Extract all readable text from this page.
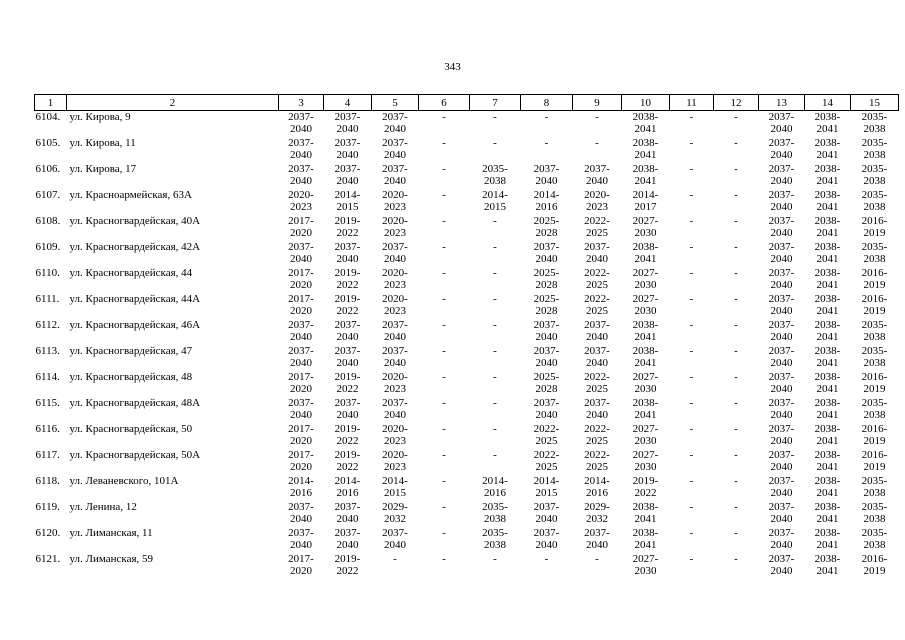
343
1	2	3	4	5	6	7	8	9	10	11	12	13	14	15
6104.	ул. Кирова, 9	2037-
2040	2037-
2040	2037-
2040	-	-	-	-	2038-
2041	-	-	2037-
2040	2038-
2041	2035-
2038

6105.	ул. Кирова, 11	2037-
2040	2037-
2040	2037-
2040	-	-	-	-	2038-
2041	-	-	2037-
2040	2038-
2041	2035-
2038

6106.	ул. Кирова, 17	2037-
2040	2037-
2040	2037-
2040	-	2035-
2038	2037-
2040	2037-
2040	2038-
2041	-	-	2037-
2040	2038-
2041	2035-
2038

6107.	ул. Красноармейская, 63А	2020-
2023	2014-
2015	2020-
2023	-	2014-
2015	2014-
2016	2020-
2023	2014-
2017	-	-	2037-
2040	2038-
2041	2035-
2038

6108.	ул. Красногвардейская, 40А	2017-
2020	2019-
2022	2020-
2023	-	-	2025-
2028	2022-
2025	2027-
2030	-	-	2037-
2040	2038-
2041	2016-
2019

6109.	ул. Красногвардейская, 42А	2037-
2040	2037-
2040	2037-
2040	-	-	2037-
2040	2037-
2040	2038-
2041	-	-	2037-
2040	2038-
2041	2035-
2038

6110.	ул. Красногвардейская, 44	2017-
2020	2019-
2022	2020-
2023	-	-	2025-
2028	2022-
2025	2027-
2030	-	-	2037-
2040	2038-
2041	2016-
2019

6111.	ул. Красногвардейская, 44А	2017-
2020	2019-
2022	2020-
2023	-	-	2025-
2028	2022-
2025	2027-
2030	-	-	2037-
2040	2038-
2041	2016-
2019

6112.	ул. Красногвардейская, 46А	2037-
2040	2037-
2040	2037-
2040	-	-	2037-
2040	2037-
2040	2038-
2041	-	-	2037-
2040	2038-
2041	2035-
2038

6113.	ул. Красногвардейская, 47	2037-
2040	2037-
2040	2037-
2040	-	-	2037-
2040	2037-
2040	2038-
2041	-	-	2037-
2040	2038-
2041	2035-
2038

6114.	ул. Красногвардейская, 48	2017-
2020	2019-
2022	2020-
2023	-	-	2025-
2028	2022-
2025	2027-
2030	-	-	2037-
2040	2038-
2041	2016-
2019

6115.	ул. Красногвардейская, 48А	2037-
2040	2037-
2040	2037-
2040	-	-	2037-
2040	2037-
2040	2038-
2041	-	-	2037-
2040	2038-
2041	2035-
2038

6116.	ул. Красногвардейская, 50	2017-
2020	2019-
2022	2020-
2023	-	-	2022-
2025	2022-
2025	2027-
2030	-	-	2037-
2040	2038-
2041	2016-
2019

6117.	ул. Красногвардейская, 50А	2017-
2020	2019-
2022	2020-
2023	-	-	2022-
2025	2022-
2025	2027-
2030	-	-	2037-
2040	2038-
2041	2016-
2019

6118.	ул. Леваневского, 101А	2014-
2016	2014-
2016	2014-
2015	-	2014-
2016	2014-
2015	2014-
2016	2019-
2022	-	-	2037-
2040	2038-
2041	2035-
2038

6119.	ул. Ленина, 12	2037-
2040	2037-
2040	2029-
2032	-	2035-
2038	2037-
2040	2029-
2032	2038-
2041	-	-	2037-
2040	2038-
2041	2035-
2038

6120.	ул. Лиманская, 11	2037-
2040	2037-
2040	2037-
2040	-	2035-
2038	2037-
2040	2037-
2040	2038-
2041	-	-	2037-
2040	2038-
2041	2035-
2038

6121.	ул. Лиманская, 59	2017-
2020	2019-
2022	-	-	-	-	-	2027-
2030	-	-	2037-
2040	2038-
2041	2016-
2019
